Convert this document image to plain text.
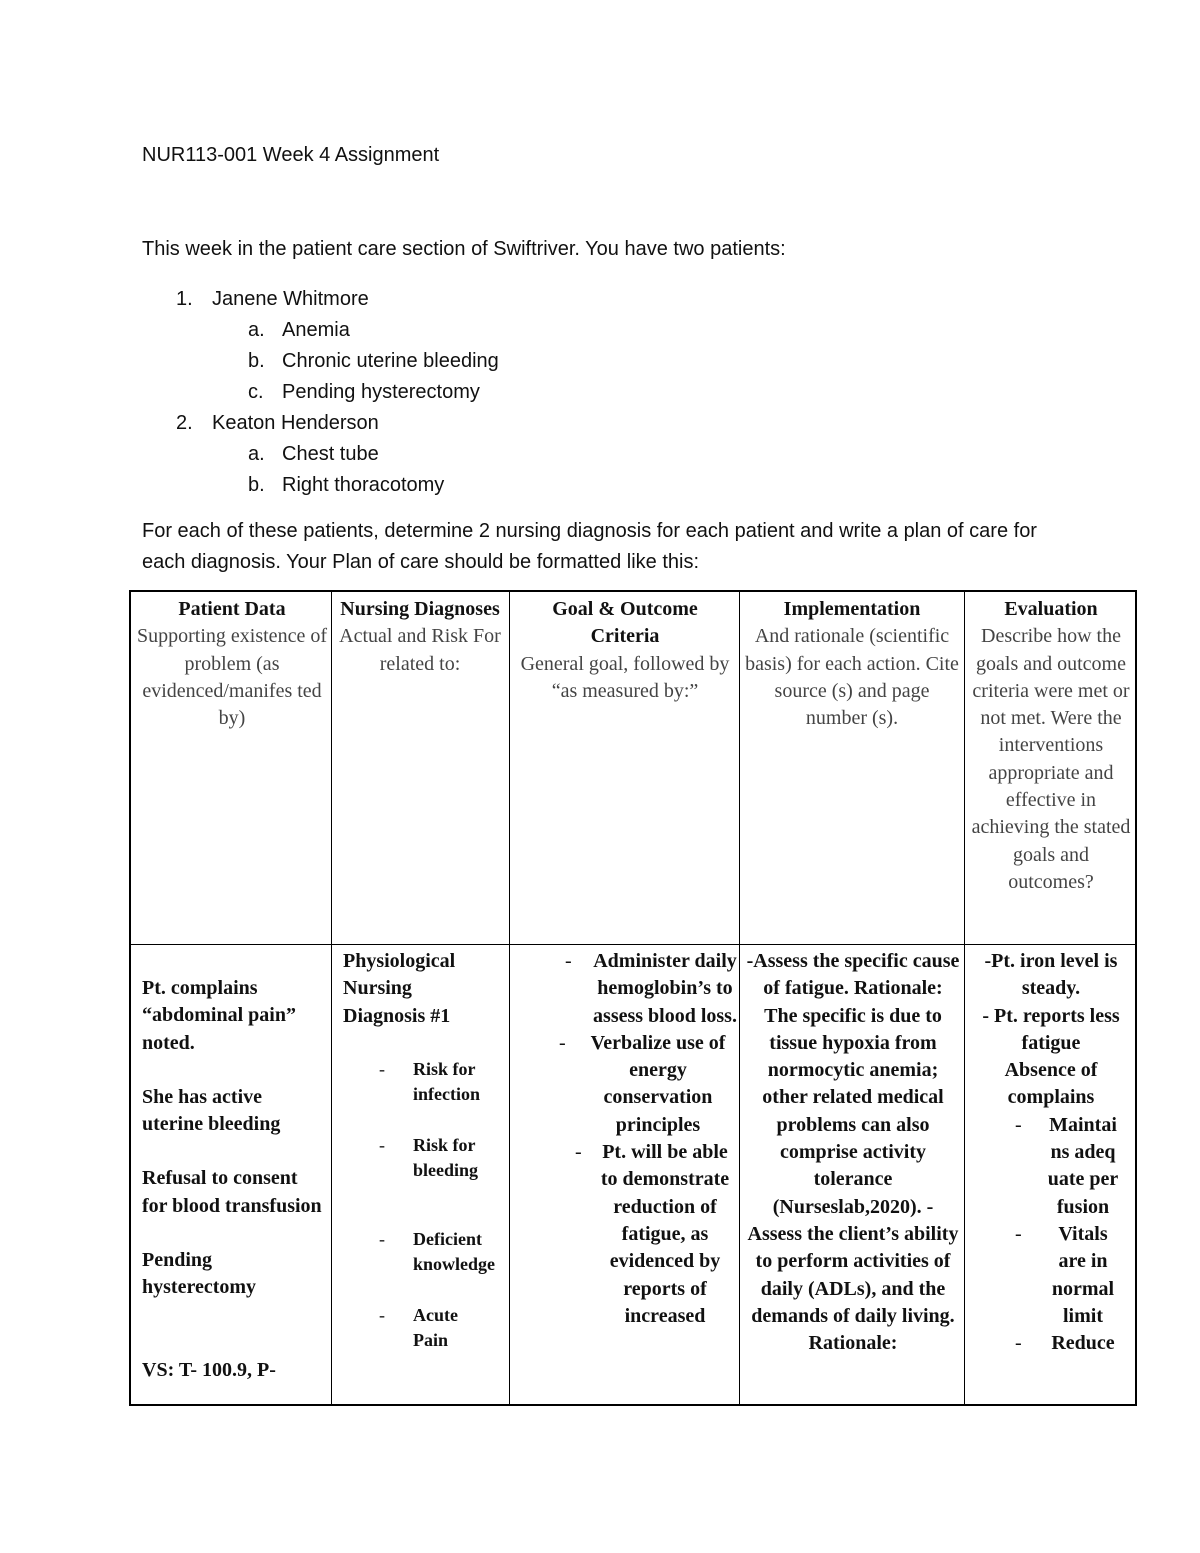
NUR113-001 Week 4 Assignment
This week in the patient care section of Swiftriver. You have two patients:
1. Janene Whitmore
a. Anemia
b. Chronic uterine bleeding
c. Pending hysterectomy
2. Keaton Henderson
a. Chest tube
b. Right thoracotomy
For each of these patients, determine 2 nursing diagnosis for each patient and write a plan of care for each diagnosis. Your Plan of care should be formatted like this:
Patient Data
Supporting existence of problem (as evidenced/manifes ted by)
Nursing Diagnoses
Actual and Risk For related to:
Goal & Outcome Criteria
General goal, followed by “as measured by:”
Implementation
And rationale (scientific basis) for each action. Cite source (s) and page number (s).
Evaluation
Describe how the goals and outcome criteria were met or not met. Were the interventions appropriate and effective in achieving the stated goals and outcomes?
Pt. complains “abdominal pain” noted.
She has active uterine bleeding
Refusal to consent for blood transfusion
Pending hysterectomy
VS: T- 100.9, P-
Physiological Nursing Diagnosis #1
- Risk for infection
- Risk for bleeding
- Deficient knowledge
- Acute Pain
- Administer daily hemoglobin’s to assess blood loss.
- Verbalize use of energy conservation principles
- Pt. will be able to demonstrate reduction of fatigue, as evidenced by reports of increased
-Assess the specific cause of fatigue. Rationale: The specific is due to tissue hypoxia from normocytic anemia; other related medical problems can also comprise activity tolerance (Nurseslab,2020). - Assess the client’s ability to perform activities of daily (ADLs), and the demands of daily living. Rationale:
-Pt. iron level is steady.
- Pt. reports less fatigue
Absence of complains
- Maintains adequate perfusion
- Vitals are in normal limit
- Reduce
